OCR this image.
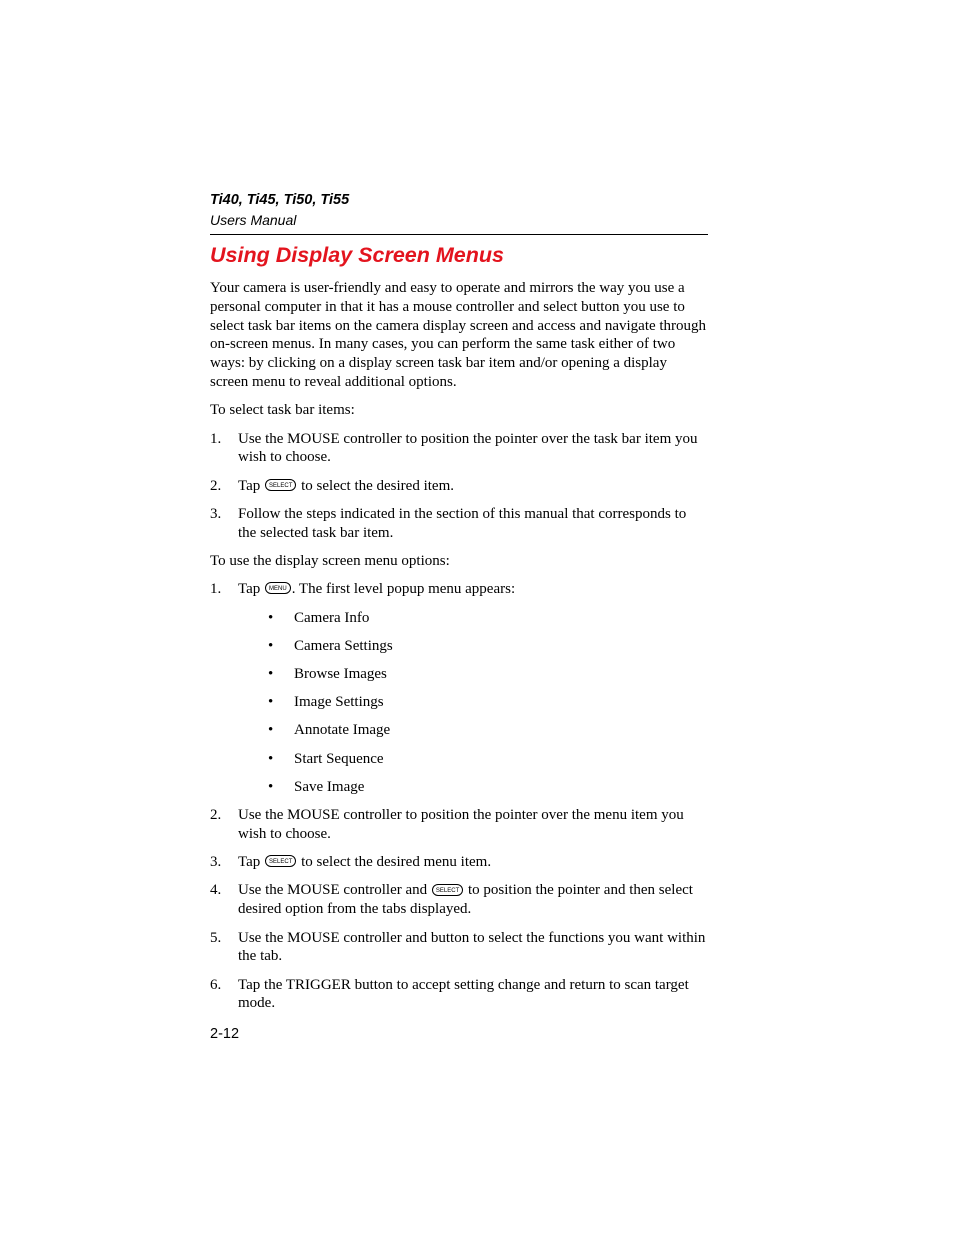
Ti40, Ti45, Ti50, Ti55
Users Manual
Using Display Screen Menus

Your camera is user-friendly and easy to operate and mirrors the way you use a personal computer in that it has a mouse controller and select button you use to select task bar items on the camera display screen and access and navigate through on-screen menus. In many cases, you can perform the same task either of two ways: by clicking on a display screen task bar item and/or opening a display screen menu to reveal additional options.

To select task bar items:

1. Use the MOUSE controller to position the pointer over the task bar item you wish to choose.
2. Tap SELECT to select the desired item.
3. Follow the steps indicated in the section of this manual that corresponds to the selected task bar item.

To use the display screen menu options:

1. Tap MENU . The first level popup menu appears:
• Camera Info
• Camera Settings
• Browse Images
• Image Settings
• Annotate Image
• Start Sequence
• Save Image
2. Use the MOUSE controller to position the pointer over the menu item you wish to choose.
3. Tap SELECT to select the desired menu item.
4. Use the MOUSE controller and SELECT to position the pointer and then select desired option from the tabs displayed.
5. Use the MOUSE controller and button to select the functions you want within the tab.
6. Tap the TRIGGER button to accept setting change and return to scan target mode.
2-12
